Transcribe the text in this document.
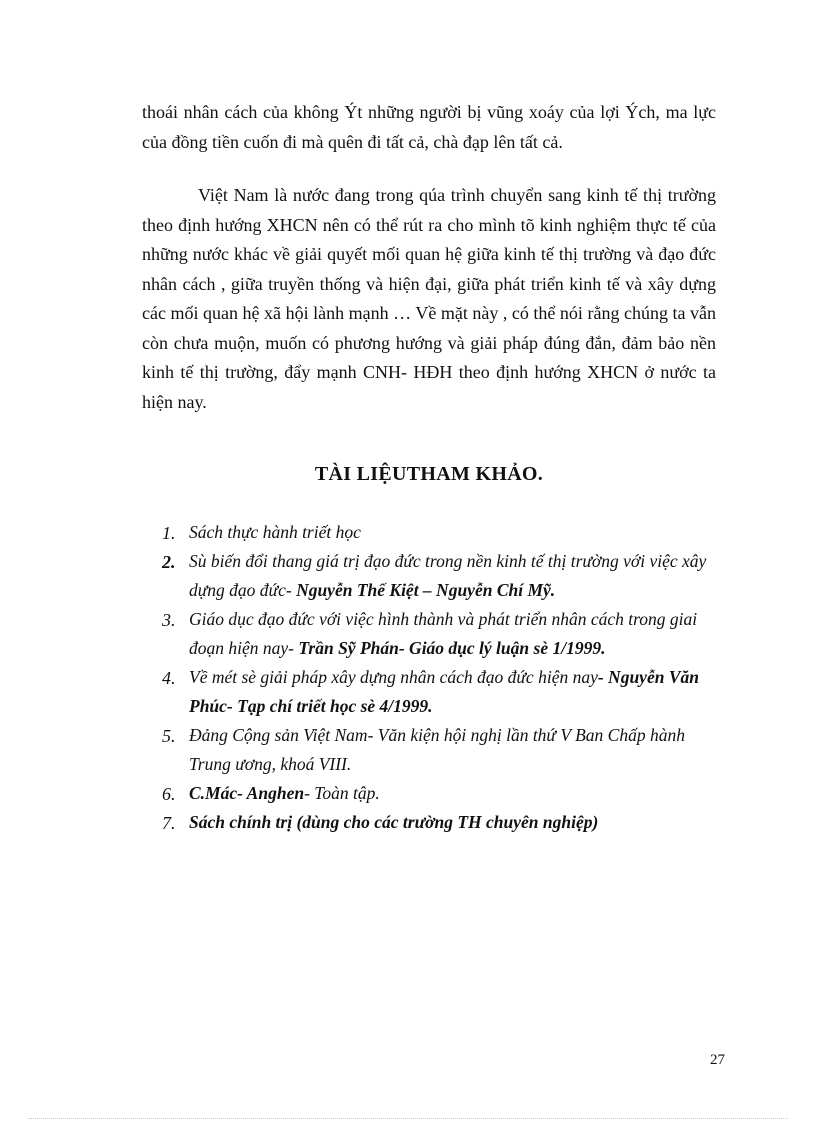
thoái nhân cách của không Ýt những người bị vũng xoáy của lợi Ých, ma lực của đồng tiền cuốn đi mà quên đi tất cả, chà đạp lên tất cả.

Việt Nam là nước đang trong qúa trình chuyển sang kinh tế thị trường theo định hướng XHCN nên có thể rút ra cho mình tõ kinh nghiệm thực tế của những nước khác về giải quyết mối quan hệ giữa kinh tế thị trường và đạo đức nhân cách , giữa truyền thống và hiện đại, giữa phát triển kinh tế và xây dựng các mối quan hệ xã hội lành mạnh … Về mặt này , có thể nói rằng chúng ta vẫn còn chưa muộn, muốn có phương hướng và giải pháp đúng đắn, đảm bảo nền kinh tế thị trường, đẩy mạnh CNH- HĐH theo định hướng XHCN ở nước ta hiện nay.

TÀI LIỆUTHAM KHẢO.
1. Sách thực hành triết học
2. Sù biến đổi thang giá trị đạo đức trong nền kinh tế thị trường với việc xây dựng đạo đức- Nguyễn Thế Kiệt – Nguyễn Chí Mỹ.
3. Giáo dục đạo đức với việc hình thành và phát triển nhân cách trong giai đoạn hiện nay- Trần Sỹ Phán- Giáo dục lý luận sè 1/1999.
4. Về mét sè giải pháp xây dựng nhân cách đạo đức hiện nay- Nguyễn Văn Phúc- Tạp chí triết học sè 4/1999.
5. Đảng Cộng sản Việt Nam- Văn kiện hội nghị lần thứ V Ban Chấp hành Trung ương, khoá VIII.
6. C.Mác- Anghen- Toàn tập.
7. Sách chính trị (dùng cho các trường TH chuyên nghiệp)

27
